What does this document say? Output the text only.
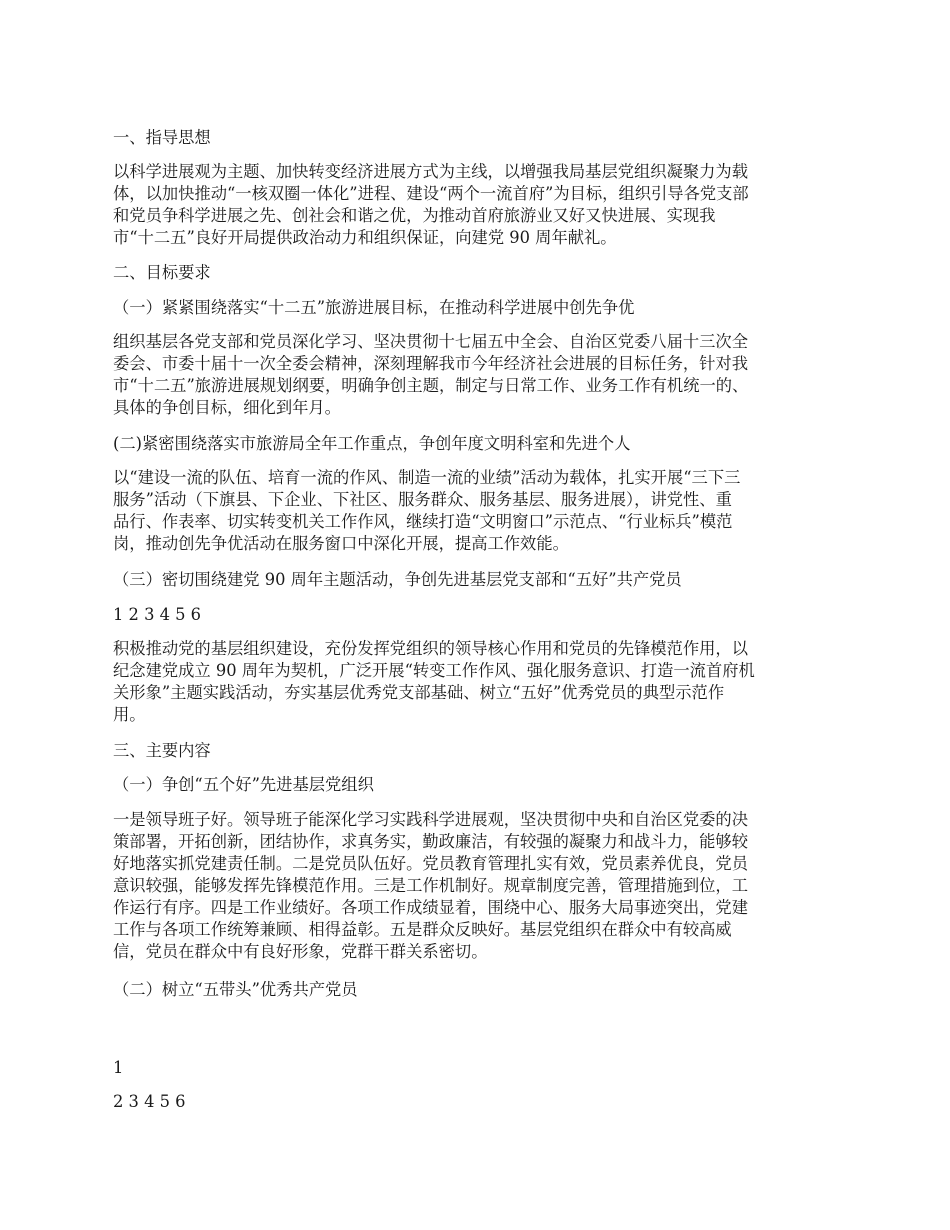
一、指导思想

以科学进展观为主题、加快转变经济进展方式为主线，以增强我局基层党组织凝聚力为载
体，以加快推动“一核双圈一体化”进程、建设“两个一流首府”为目标，组织引导各党支部
和党员争科学进展之先、创社会和谐之优，为推动首府旅游业又好又快进展、实现我
市“十二五”良好开局提供政治动力和组织保证，向建党 90 周年献礼。

二、目标要求

（一）紧紧围绕落实“十二五”旅游进展目标，在推动科学进展中创先争优

组织基层各党支部和党员深化学习、坚决贯彻十七届五中全会、自治区党委八届十三次全
委会、市委十届十一次全委会精神，深刻理解我市今年经济社会进展的目标任务，针对我
市“十二五”旅游进展规划纲要，明确争创主题，制定与日常工作、业务工作有机统一的、
具体的争创目标，细化到年月。

(二)紧密围绕落实市旅游局全年工作重点，争创年度文明科室和先进个人

以“建设一流的队伍、培育一流的作风、制造一流的业绩”活动为载体，扎实开展“三下三
服务”活动（下旗县、下企业、下社区、服务群众、服务基层、服务进展），讲党性、重
品行、作表率、切实转变机关工作作风，继续打造“文明窗口”示范点、“行业标兵”模范
岗，推动创先争优活动在服务窗口中深化开展，提高工作效能。

（三）密切围绕建党 90 周年主题活动，争创先进基层党支部和“五好”共产党员

1 2 3 4 5 6

积极推动党的基层组织建设，充份发挥党组织的领导核心作用和党员的先锋模范作用，以
纪念建党成立 90 周年为契机，广泛开展“转变工作作风、强化服务意识、打造一流首府机
关形象”主题实践活动，夯实基层优秀党支部基础、树立“五好”优秀党员的典型示范作
用。

三、主要内容

（一）争创“五个好”先进基层党组织

一是领导班子好。领导班子能深化学习实践科学进展观，坚决贯彻中央和自治区党委的决
策部署，开拓创新，团结协作，求真务实，勤政廉洁，有较强的凝聚力和战斗力，能够较
好地落实抓党建责任制。二是党员队伍好。党员教育管理扎实有效，党员素养优良，党员
意识较强，能够发挥先锋模范作用。三是工作机制好。规章制度完善，管理措施到位，工
作运行有序。四是工作业绩好。各项工作成绩显着，围绕中心、服务大局事迹突出，党建
工作与各项工作统筹兼顾、相得益彰。五是群众反映好。基层党组织在群众中有较高威
信，党员在群众中有良好形象，党群干群关系密切。

（二）树立“五带头”优秀共产党员

1

2 3 4 5 6
